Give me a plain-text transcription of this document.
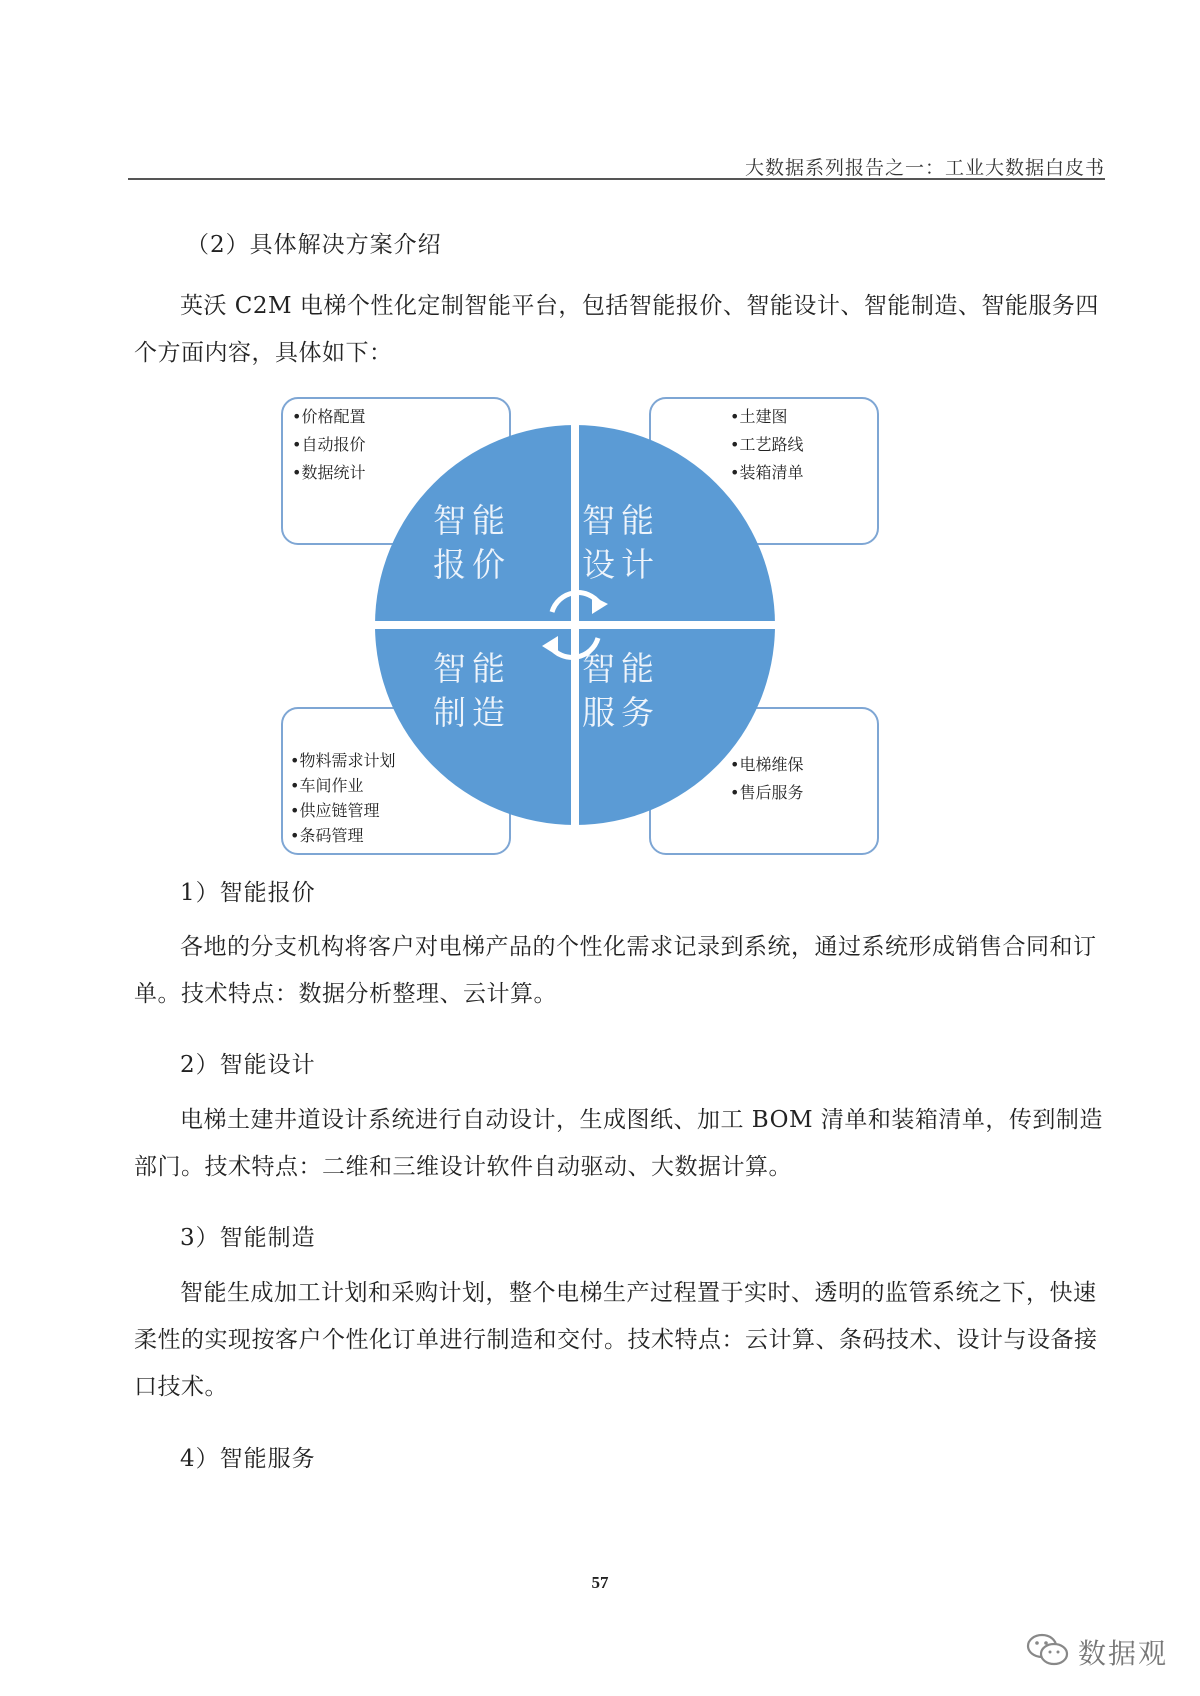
大数据系列报告之一：工业大数据白皮书
（2）具体解决方案介绍

英沃 C2M 电梯个性化定制智能平台，包括智能报价、智能设计、智能制造、智能服务四个方面内容，具体如下：

•价格配置
•自动报价
•数据统计
•土建图
•工艺路线
•装箱清单
•物料需求计划
•车间作业
•供应链管理
•条码管理
•电梯维保
•售后服务
智能
报价
智能
设计
智能
制造
智能
服务
1）智能报价

各地的分支机构将客户对电梯产品的个性化需求记录到系统，通过系统形成销售合同和订单。技术特点：数据分析整理、云计算。

2）智能设计

电梯土建井道设计系统进行自动设计，生成图纸、加工 BOM 清单和装箱清单，传到制造部门。技术特点：二维和三维设计软件自动驱动、大数据计算。

3）智能制造

智能生成加工计划和采购计划，整个电梯生产过程置于实时、透明的监管系统之下，快速柔性的实现按客户个性化订单进行制造和交付。技术特点：云计算、条码技术、设计与设备接口技术。

4）智能服务
57
数据观
